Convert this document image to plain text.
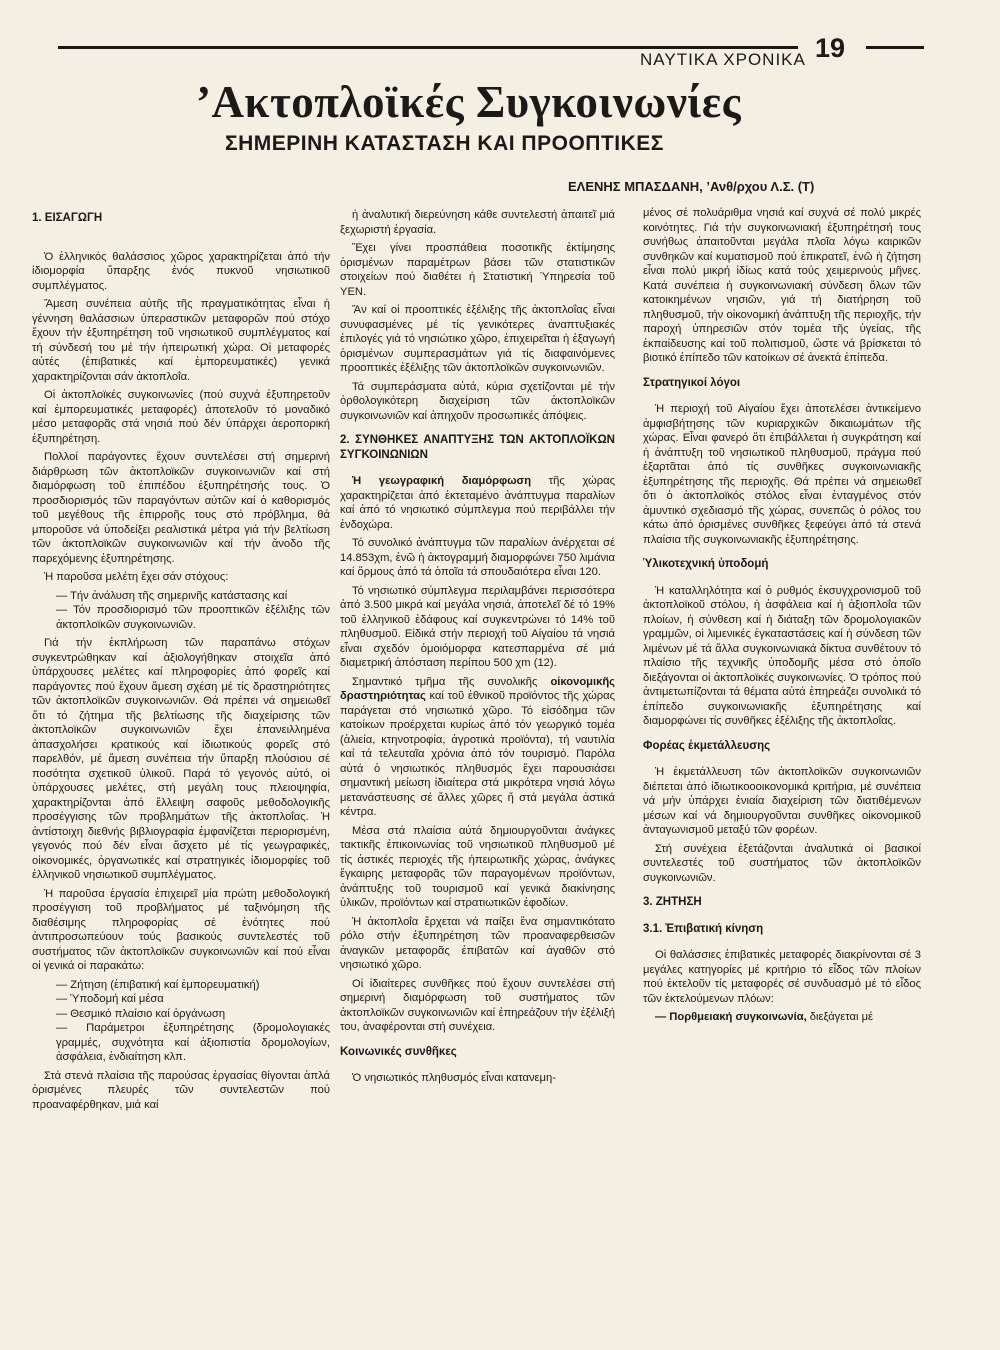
ΝΑΥΤΙΚΑ ΧΡΟΝΙΚΑ 19
’Ακτοπλοϊκές Συγκοινωνίες
ΣΗΜΕΡΙΝΗ ΚΑΤΑΣΤΑΣΗ ΚΑΙ ΠΡΟΟΠΤΙΚΕΣ
ΕΛΕΝΗΣ ΜΠΑΣΔΑΝΗ, ’Ανθ/ρχου Λ.Σ. (Τ)
1. ΕΙΣΑΓΩΓΗ

Ὁ ἑλληνικός θαλάσσιος χῶρος χαρακτηρίζεται ἀπό τήν ἰδιομορφία ὕπαρξης ἑνός πυκνοῦ νησιωτικοῦ συμπλέγματος.

Ἄμεση συνέπεια αὐτῆς τῆς πραγματικότητας εἶναι ἡ γέννηση θαλάσσιων ὑπεραστικῶν μεταφορῶν πού στόχο ἔχουν τήν ἐξυπηρέτηση τοῦ νησιωτικοῦ συμπλέγματος καί τή σύνδεσή του μέ τήν ἠπειρωτική χώρα. Οἱ μεταφορές αὐτές (ἐπιβατικές καί ἐμπορευματικές) γενικά χαρακτηρίζονται σάν ἀκτοπλοΐα.

Οἱ ἀκτοπλοϊκές συγκοινωνίες (πού συχνά ἐξυπηρετοῦν καί ἐμπορευματικές μεταφορές) ἀποτελοῦν τό μοναδικό μέσο μεταφορᾶς στά νησιά πού δέν ὑπάρχει ἀεροπορική ἐξυπηρέτηση.

Πολλοί παράγοντες ἔχουν συντελέσει στή σημερινή διάρθρωση τῶν ἀκτοπλοϊκῶν συγκοινωνιῶν καί στή διαμόρφωση τοῦ ἐπιπέδου ἐξυπηρέτησής τους. Ὁ προσδιορισμός τῶν παραγόντων αὐτῶν καί ὁ καθορισμός τοῦ μεγέθους τῆς ἐπιρροῆς τους στό πρόβλημα, θά μποροῦσε νά ὑποδείξει ρεαλιστικά μέτρα γιά τήν βελτίωση τῶν ἀκτοπλοϊκῶν συγκοινωνιῶν καί τήν ἄνοδο τῆς παρεχόμενης ἐξυπηρέτησης.

Ἡ παροῦσα μελέτη ἔχει σάν στόχους:

— Τήν ἀνάλυση τῆς σημερινῆς κατάστασης καί
— Τόν προσδιορισμό τῶν προοπτικῶν ἐξέλιξης τῶν ἀκτοπλοϊκῶν συγκοινωνιῶν.

Γιά τήν ἐκπλήρωση τῶν παραπάνω στόχων συγκεντρώθηκαν καί ἀξιολογήθηκαν στοιχεῖα ἀπό ὑπάρχουσες μελέτες καί πληροφορίες ἀπό φορεῖς καί παράγοντες πού ἔχουν ἄμεση σχέση μέ τίς δραστηριότητες τῶν ἀκτοπλοϊκῶν συγκοινωνιῶν. Θά πρέπει νά σημειωθεῖ ὅτι τό ζήτημα τῆς βελτίωσης τῆς διαχείρισης τῶν ἀκτοπλοϊκῶν συγκοινωνιῶν ἔχει ἐπανειλλημένα ἀπασχολήσει κρατικούς καί ἰδιωτικούς φορεῖς στό παρελθόν, μέ ἄμεση συνέπεια τήν ὕπαρξη πλούσιου σέ ποσότητα σχετικοῦ ὑλικοῦ. Παρά τό γεγονός αὐτό, οἱ ὑπάρχουσες μελέτες, στή μεγάλη τους πλειοψηφία, χαρακτηρίζονται ἀπό ἔλλειψη σαφοῦς μεθοδολογικῆς προσέγγισης τῶν προβλημάτων τῆς ἀκτοπλοΐας. Ἡ ἀντίστοιχη διεθνής βιβλιογραφία ἐμφανίζεται περιορισμένη, γεγονός πού δέν εἶναι ἄσχετο μέ τίς γεωγραφικές, οἰκονομικές, ὀργανωτικές καί στρατηγικές ἰδιομορφίες τοῦ ἑλληνικοῦ νησιωτικοῦ συμπλέγματος.

Ἡ παροῦσα ἐργασία ἐπιχειρεῖ μία πρώτη μεθοδολογική προσέγγιση τοῦ προβλήματος μέ ταξινόμηση τῆς διαθέσιμης πληροφορίας σέ ἑνότητες πού ἀντιπροσωπεύουν τούς βασικούς συντελεστές τοῦ συστήματος τῶν ἀκτοπλοϊκῶν συγκοινωνιῶν καί πού εἶναι οἱ γενικά οἱ παρακάτω:

— Ζήτηση (ἐπιβατική καί ἐμπορευματική)
— Ὑποδομή καί μέσα
— Θεσμικό πλαίσιο καί ὀργάνωση
— Παράμετροι ἐξυπηρέτησης (δρομολογιακές γραμμές, συχνότητα καί ἀξιοπιστία δρομολογίων, ἀσφάλεια, ἐνδιαίτηση κλπ.

Στά στενά πλαίσια τῆς παρούσας ἐργασίας θίγονται ἁπλά ὁρισμένες πλευρές τῶν συντελεστῶν πού προαναφέρθηκαν, μιά καί

ἡ ἀναλυτική διερεύνηση κάθε συντελεστή ἀπαιτεῖ μιά ξεχωριστή ἐργασία.

Ἔχει γίνει προσπάθεια ποσοτικῆς ἐκτίμησης ὁρισμένων παραμέτρων βάσει τῶν στατιστικῶν στοιχείων πού διαθέτει ἡ Στατιστική Ὑπηρεσία τοῦ ΥΕΝ.

Ἄν καί οἱ προοπτικές ἐξέλιξης τῆς ἀκτοπλοΐας εἶναι συνυφασμένες μέ τίς γενικότερες ἀναπτυξιακές ἐπιλογές γιά τό νησιώτικο χῶρο, ἐπιχειρεῖται ἡ ἐξαγωγή ὁρισμένων συμπερασμάτων γιά τίς διαφαινόμενες προοπτικές ἐξέλιξης τῶν ἀκτοπλοϊκῶν συγκοινωνιῶν.

Τά συμπεράσματα αὐτά, κύρια σχετίζονται μέ τήν ὀρθολογικότερη διαχείριση τῶν ἀκτοπλοϊκῶν συγκοινωνιῶν καί ἀπηχοῦν προσωπικές ἀπόψεις.

2. ΣΥΝΘΗΚΕΣ ΑΝΑΠΤΥΞΗΣ ΤΩΝ ΑΚΤΟΠΛΟΪΚΩΝ ΣΥΓΚΟΙΝΩΝΙΩΝ

Ἡ γεωγραφική διαμόρφωση τῆς χώρας χαρακτηρίζεται ἀπό ἐκτεταμένο ἀνάπτυγμα παραλίων καί ἀπό τό νησιωτικό σύμπλεγμα πού περιβάλλει τήν ἐνδοχώρα.

Τό συνολικό ἀνάπτυγμα τῶν παραλίων ἀνέρχεται σέ 14.853χm, ἐνῶ ἡ ἀκτογραμμή διαμορφώνει 750 λιμάνια καί ὅρμους ἀπό τά ὁποῖα τά σπουδαιότερα εἶναι 120.

Τό νησιωτικό σύμπλεγμα περιλαμβάνει περισσότερα ἀπό 3.500 μικρά καί μεγάλα νησιά, ἀποτελεῖ δέ τό 19% τοῦ ἑλληνικοῦ ἐδάφους καί συγκεντρώνει τό 14% τοῦ πληθυσμοῦ. Εἰδικά στήν περιοχή τοῦ Αἰγαίου τά νησιά εἶναι σχεδόν ὁμοιόμορφα κατεσπαρμένα σέ μιά διαμετρική ἀπόσταση περίπου 500 χm (12).

Σημαντικό τμῆμα τῆς συνολικῆς οἰκονομικῆς δραστηριότητας καί τοῦ ἐθνικοῦ προϊόντος τῆς χώρας παράγεται στό νησιωτικό χῶρο. Τό εἰσόδημα τῶν κατοίκων προέρχεται κυρίως ἀπό τόν γεωργικό τομέα (ἁλιεία, κτηνοτροφία, ἀγροτικά προϊόντα), τή ναυτιλία καί τά τελευταῖα χρόνια ἀπό τόν τουρισμό. Παρόλα αὐτά ὁ νησιωτικός πληθυσμός ἔχει παρουσιάσει σημαντική μείωση ἰδιαίτερα στά μικρότερα νησιά λόγω μετανάστευσης σέ ἄλλες χῶρες ἤ στά μεγάλα ἀστικά κέντρα.

Μέσα στά πλαίσια αὐτά δημιουργοῦνται ἀνάγκες τακτικῆς ἐπικοινωνίας τοῦ νησιωτικοῦ πληθυσμοῦ μέ τίς ἀστικές περιοχές τῆς ἠπειρωτικῆς χώρας, ἀνάγκες ἔγκαιρης μεταφορᾶς τῶν παραγομένων προϊόντων, ἀνάπτυξης τοῦ τουρισμοῦ καί γενικά διακίνησης ὑλικῶν, προϊόντων καί στρατιωτικῶν ἐφοδίων.

Ἡ ἀκτοπλοΐα ἔρχεται νά παίξει ἕνα σημαντικότατο ρόλο στήν ἐξυπηρέτηση τῶν προαναφερθεισῶν ἀναγκῶν μεταφορᾶς ἐπιβατῶν καί ἀγαθῶν στό νησιωτικό χῶρο.

Οἱ ἰδιαίτερες συνθῆκες πού ἔχουν συντελέσει στή σημερινή διαμόρφωση τοῦ συστήματος τῶν ἀκτοπλοϊκῶν συγκοινωνιῶν καί ἐπηρεάζουν τήν ἐξέλιξή του, ἀναφέρονται στή συνέχεια.

Κοινωνικές συνθῆκες

Ὁ νησιωτικός πληθυσμός εἶναι κατανεμη-

μένος σέ πολυάριθμα νησιά καί συχνά σέ πολύ μικρές κοινότητες. Γιά τήν συγκοινωνιακή ἐξυπηρέτησή τους συνήθως ἀπαιτοῦνται μεγάλα πλοῖα λόγω καιρικῶν συνθηκῶν καί κυματισμοῦ πού ἐπικρατεῖ, ἐνῶ ἡ ζήτηση εἶναι πολύ μικρή ἰδίως κατά τούς χειμερινούς μῆνες. Κατά συνέπεια ἡ συγκοινωνιακή σύνδεση ὅλων τῶν κατοικημένων νησιῶν, γιά τή διατήρηση τοῦ πληθυσμοῦ, τήν οἰκονομική ἀνάπτυξη τῆς περιοχῆς, τήν παροχή ὑπηρεσιῶν στόν τομέα τῆς ὑγείας, τῆς ἐκπαίδευσης καί τοῦ πολιτισμοῦ, ὥστε νά βρίσκεται τό βιοτικό ἐπίπεδο τῶν κατοίκων σέ ἀνεκτά ἐπίπεδα.

Στρατηγικοί λόγοι

Ἡ περιοχή τοῦ Αἰγαίου ἔχει ἀποτελέσει ἀντικείμενο ἀμφισβήτησης τῶν κυριαρχικῶν δικαιωμάτων τῆς χώρας. Εἶναι φανερό ὅτι ἐπιβάλλεται ἡ συγκράτηση καί ἡ ἀνάπτυξη τοῦ νησιωτικοῦ πληθυσμοῦ, πράγμα πού ἐξαρτᾶται ἀπό τίς συνθῆκες συγκοινωνιακῆς ἐξυπηρέτησης τῆς περιοχῆς. Θά πρέπει νά σημειωθεῖ ὅτι ὁ ἀκτοπλοϊκός στόλος εἶναι ἐνταγμένος στόν ἀμυντικό σχεδιασμό τῆς χώρας, συνεπῶς ὁ ρόλος του κάτω ἀπό ὁρισμένες συνθῆκες ξεφεύγει ἀπό τά στενά πλαίσια τῆς συγκοινωνιακῆς ἐξυπηρέτησης.

Ὑλικοτεχνική ὑποδομή

Ἡ καταλληλότητα καί ὁ ρυθμός ἐκσυγχρονισμοῦ τοῦ ἀκτοπλοϊκοῦ στόλου, ἡ ἀσφάλεια καί ἡ ἀξιοπλοΐα τῶν πλοίων, ἡ σύνθεση καί ἡ διάταξη τῶν δρομολογιακῶν γραμμῶν, οἱ λιμενικές ἐγκαταστάσεις καί ἡ σύνδεση τῶν λιμένων μέ τά ἄλλα συγκοινωνιακά δίκτυα συνθέτουν τό πλαίσιο τῆς τεχνικῆς ὑποδομῆς μέσα στό ὁποῖο διεξάγονται οἱ ἀκτοπλοϊκές συγκοινωνίες. Ὁ τρόπος πού ἀντιμετωπίζονται τά θέματα αὐτά ἐπηρεάζει συνολικά τό ἐπίπεδο συγκοινωνιακῆς ἐξυπηρέτησης καί διαμορφώνει τίς συνθῆκες ἐξέλιξης τῆς ἀκτοπλοΐας.

Φορέας ἐκμετάλλευσης

Ἡ ἐκμετάλλευση τῶν ἀκτοπλοϊκῶν συγκοινωνιῶν διέπεται ἀπό ἰδιωτικοοοικονομικά κριτήρια, μέ συνέπεια νά μήν ὑπάρχει ἑνιαία διαχείριση τῶν διατιθέμενων μέσων καί νά δημιουργοῦνται συνθῆκες οἰκονομικοῦ ἀνταγωνισμοῦ μεταξύ τῶν φορέων.

Στή συνέχεια ἐξετάζονται ἀναλυτικά οἱ βασικοί συντελεστές τοῦ συστήματος τῶν ἀκτοπλοϊκῶν συγκοινωνιῶν.

3. ΖΗΤΗΣΗ
3.1. Ἐπιβατική κίνηση

Οἱ θαλάσσιες ἐπιβατικές μεταφορές διακρίνονται σέ 3 μεγάλες κατηγορίες μέ κριτήριο τό εἶδος τῶν πλοίων πού ἐκτελοῦν τίς μεταφορές σέ συνδυασμό μέ τό εἶδος τῶν ἐκτελούμενων πλόων:

— Πορθμειακή συγκοινωνία, διεξάγεται μέ
